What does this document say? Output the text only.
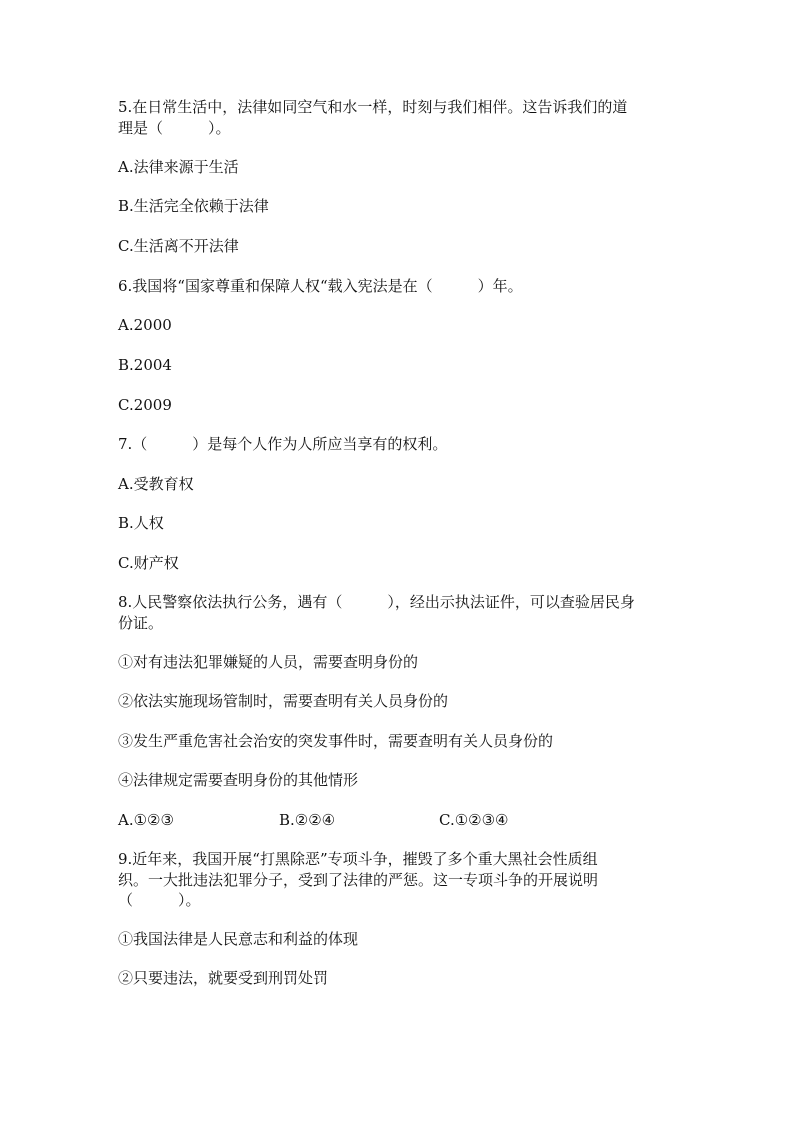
5.在日常生活中，法律如同空气和水一样，时刻与我们相伴。这告诉我们的道
理是（　　　）。
A.法律来源于生活
B.生活完全依赖于法律
C.生活离不开法律
6.我国将“国家尊重和保障人权“载入宪法是在（　　　）年。
A.2000
B.2004
C.2009
7.（　　　）是每个人作为人所应当享有的权利。
A.受教育权
B.人权
C.财产权
8.人民警察依法执行公务，遇有（　　　），经出示执法证件，可以查验居民身
份证。
①对有违法犯罪嫌疑的人员，需要查明身份的
②依法实施现场管制时，需要查明有关人员身份的
③发生严重危害社会治安的突发事件时，需要查明有关人员身份的
④法律规定需要查明身份的其他情形
A.①②③	B.②②④	C.①②③④
9.近年来，我国开展“打黑除恶”专项斗争，摧毁了多个重大黑社会性质组
织。一大批违法犯罪分子，受到了法律的严惩。这一专项斗争的开展说明
（　　　）。
①我国法律是人民意志和利益的体现
②只要违法，就要受到刑罚处罚
